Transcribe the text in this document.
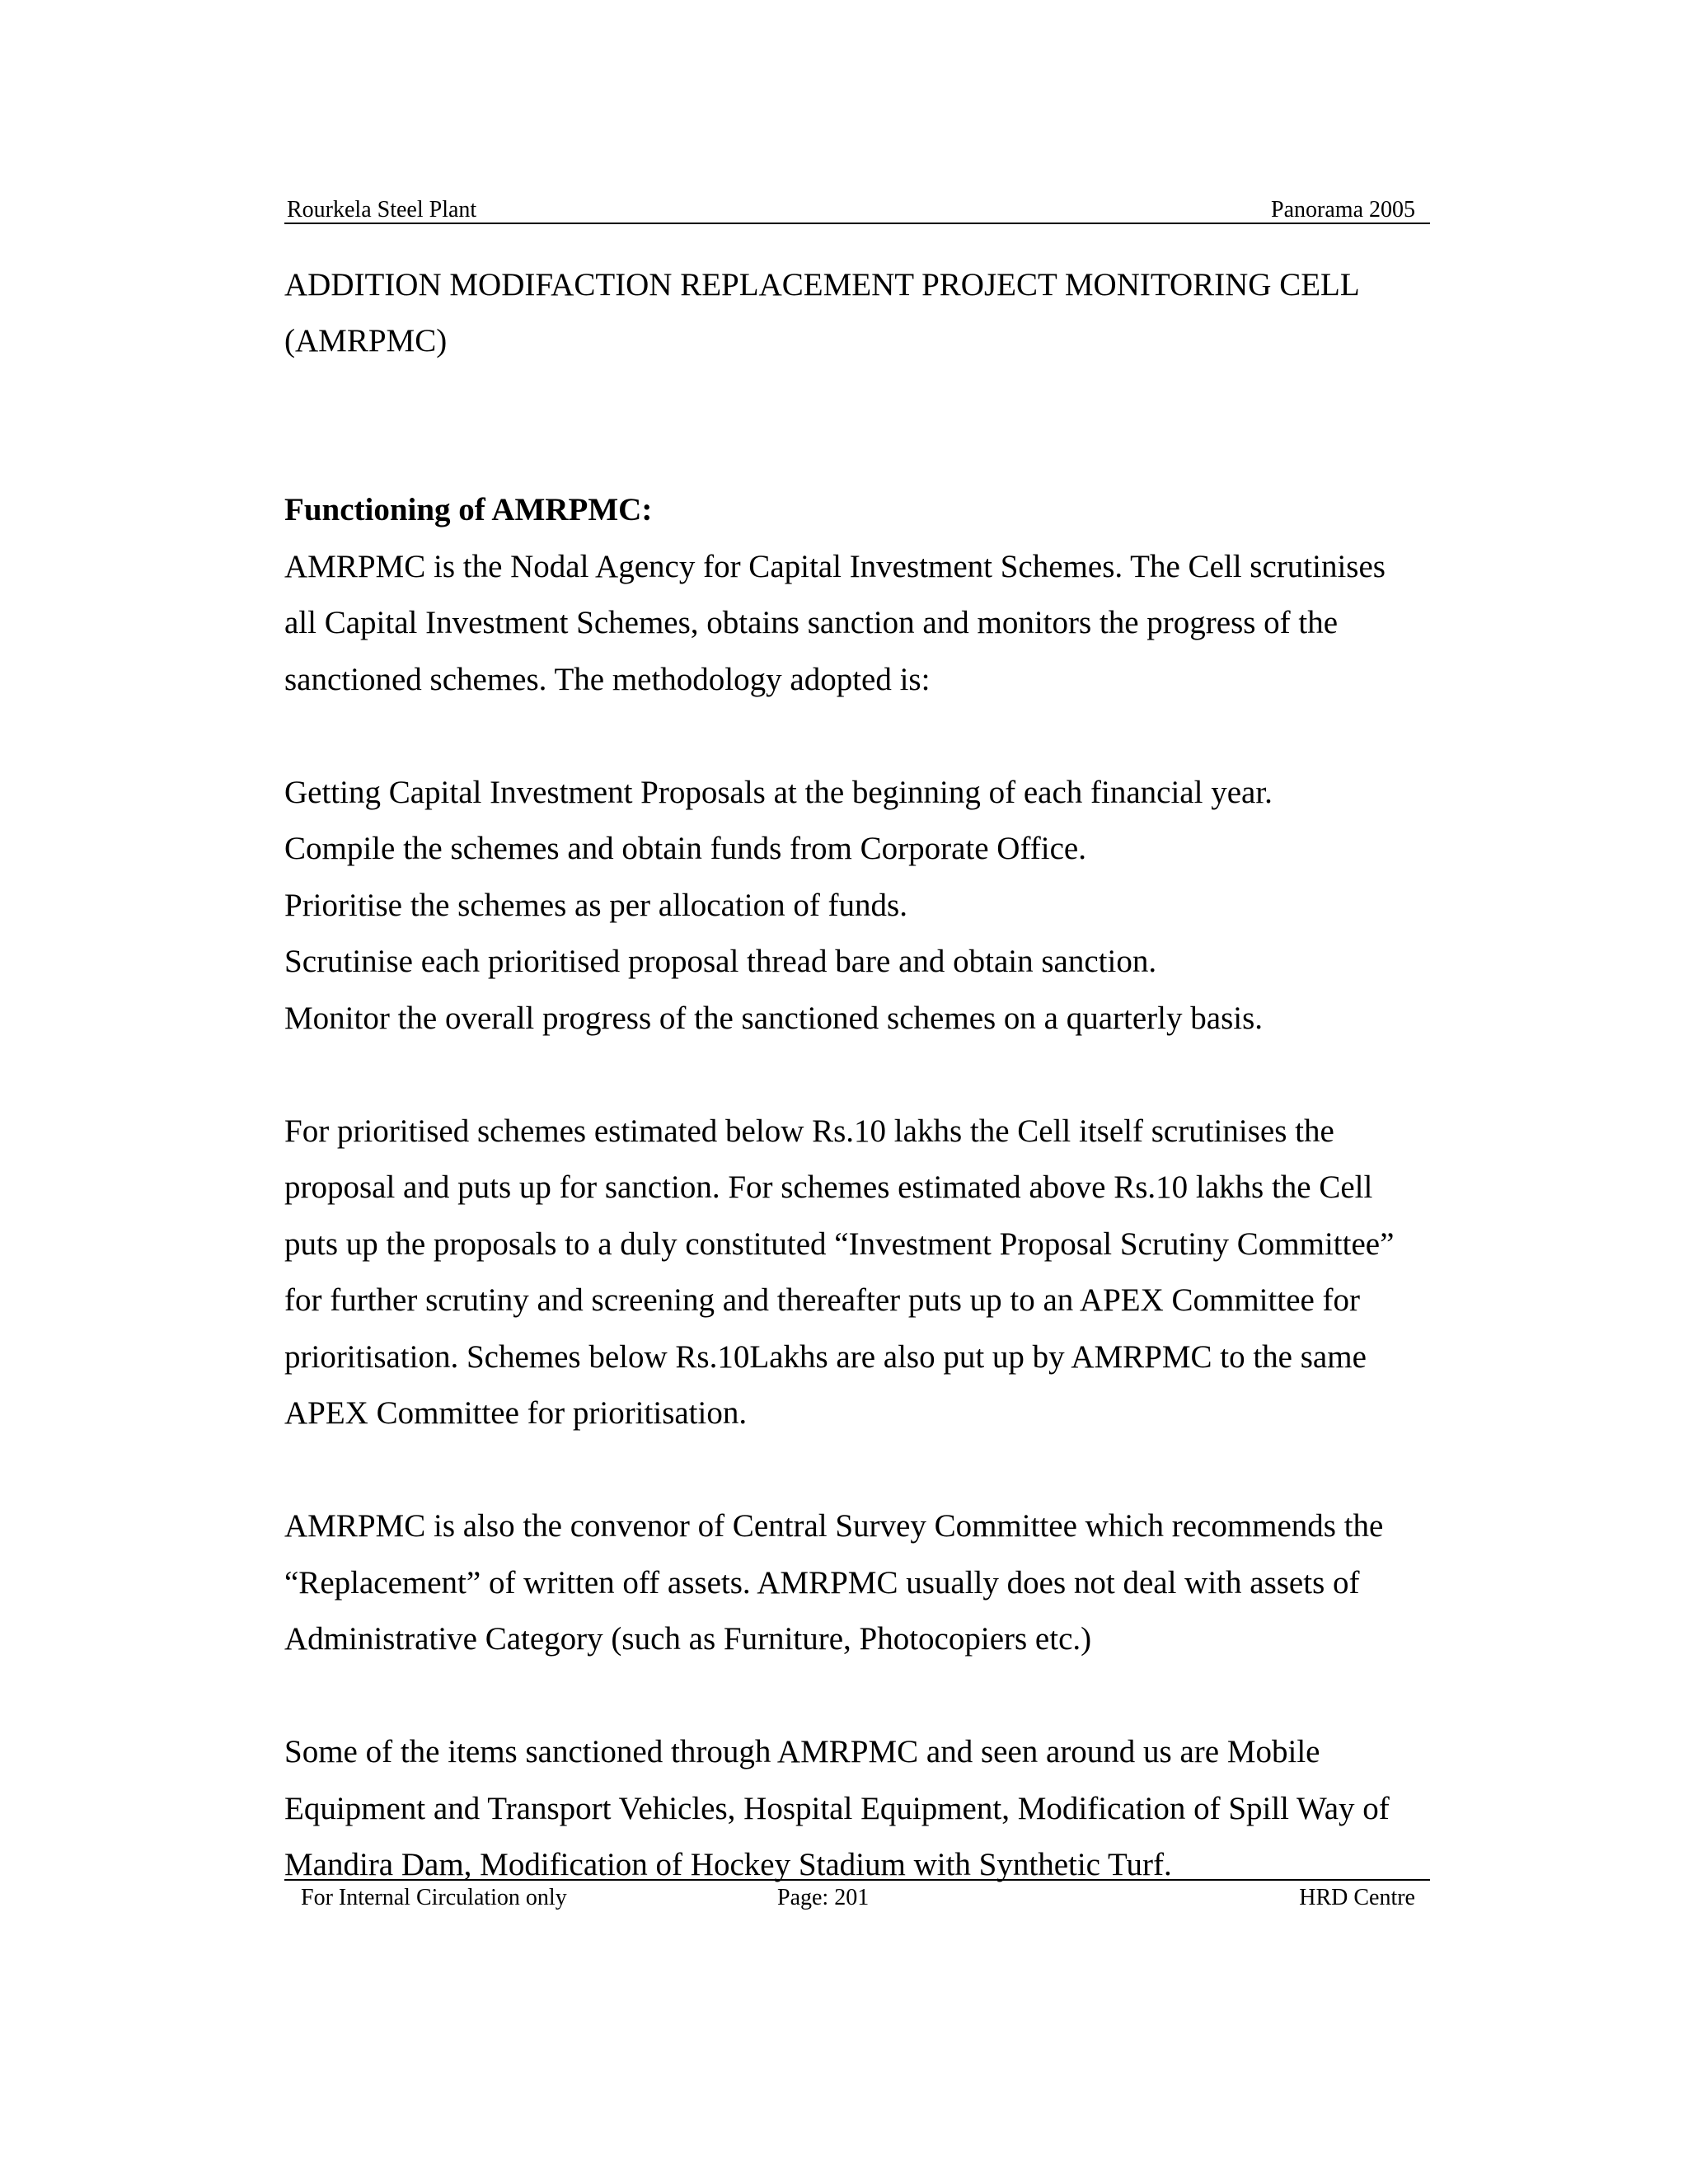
Rourkela Steel Plant	Panorama 2005
ADDITION MODIFACTION REPLACEMENT PROJECT MONITORING CELL
(AMRPMC)

Functioning of AMRPMC:

AMRPMC is the Nodal Agency for Capital Investment Schemes. The Cell scrutinises

all Capital Investment Schemes, obtains sanction and monitors the progress of the

sanctioned schemes. The methodology adopted is:

Getting Capital Investment Proposals at the beginning of each financial year.

Compile the schemes and obtain funds from Corporate Office.

Prioritise the schemes as per allocation of funds.

Scrutinise each prioritised proposal thread bare and obtain sanction.

Monitor the overall progress of the sanctioned schemes on a quarterly basis.

For prioritised schemes estimated below Rs.10 lakhs the Cell itself scrutinises the

proposal and puts up for sanction. For schemes estimated above Rs.10 lakhs the Cell

puts up the proposals to a duly constituted “Investment Proposal Scrutiny Committee”

for further scrutiny and screening and thereafter puts up to an APEX Committee for

prioritisation. Schemes below Rs.10Lakhs are also put up by AMRPMC to the same

APEX Committee for prioritisation.

AMRPMC is also the convenor of Central Survey Committee which recommends the

“Replacement” of written off assets. AMRPMC usually does not deal with assets of

Administrative Category (such as Furniture, Photocopiers etc.)

Some of the items sanctioned through AMRPMC and seen around us are Mobile

Equipment and Transport Vehicles, Hospital Equipment, Modification of Spill Way of

Mandira Dam, Modification of Hockey Stadium with Synthetic Turf.

For Internal Circulation only	Page: 201	HRD Centre
